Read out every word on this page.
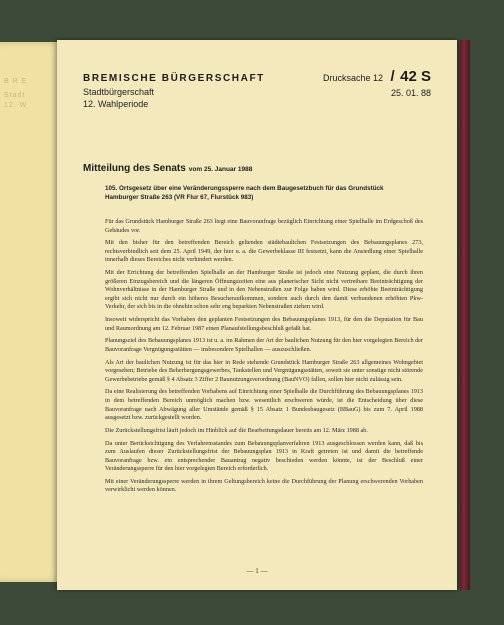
B R E
Stadt
12. W
BREMISCHE BÜRGERSCHAFT
Stadtbürgerschaft
12. Wahlperiode
Drucksache 12 / 42 S
25. 01. 88
Mitteilung des Senats vom 25. Januar 1988
105. Ortsgesetz über eine Veränderungssperre nach dem Baugesetzbuch für das Grundstück Hamburger Straße 263 (VR Flur 67, Flurstück 983)

Für das Grundstück Hamburger Straße 263 liegt eine Bauvoranfrage bezüglich Einrichtung einer Spielhalle im Erdgeschoß des Gebäudes vor.

Mit den bisher für den betreffenden Bereich geltenden städtebaulichen Festsetzungen des Bebauungsplanes 273, rechtsverbindlich seit dem 25. April 1949, der hier u. a. die Gewerbeklasse III festsetzt, kann die Ansiedlung einer Spielhalle innerhalb dieses Bereiches nicht verhindert werden.

Mit der Errichtung der betreffenden Spielhalle an der Hamburger Straße ist jedoch eine Nutzung geplant, die durch ihren größeren Einzugsbereich und die längeren Öffnungszeiten eine aus planerischer Sicht nicht vertretbare Beeinträchtigung der Wohnverhältnisse in der Hamburger Straße und in den Nebenstraßen zur Folge haben wird. Diese erhöhte Beeinträchtigung ergibt sich nicht nur durch ein höheres Besucheraufkommen, sondern auch durch den damit verbundenen erhöhten Pkw-Verkehr, der sich bis in die ohnehin schon sehr eng beparkten Nebenstraßen ziehen wird.

Insoweit widerspricht das Vorhaben den geplanten Festsetzungen des Bebauungsplanes 1913, für den die Deputation für Bau und Raumordnung am 12. Februar 1987 einen Planaufstellungsbeschluß gefaßt hat.

Planungsziel des Bebauungsplanes 1913 ist u. a. im Rahmen der Art der baulichen Nutzung für den hier vorgelegten Bereich der Bauvoranfrage Vergnügungsstätten — insbesondere Spielhallen — auszuschließen.

Als Art der baulichen Nutzung ist für das hier in Rede stehende Grundstück Hamburger Straße 263 allgemeines Wohngebiet vorgesehen; Betriebe des Beherbergungsgewerbes, Tankstellen und Vergnügungsstätten, soweit sie unter sonstige nicht störende Gewerbebetriebe gemäß § 4 Absatz 3 Ziffer 2 Baunutzungsverordnung (BauNVO) fallen, sollen hier nicht zulässig sein.

Da eine Realisierung des betreffenden Vorhabens auf Einrichtung einer Spielhalle die Durchführung des Bebauungsplanes 1913 in dem betreffenden Bereich unmöglich machen bzw. wesentlich erschweren würde, ist die Entscheidung über diese Bauvoranfrage nach Abwägung aller Umstände gemäß § 15 Absatz 1 Bundesbaugesetz (BBauG) bis zum 7. April 1988 ausgesetzt bzw. zurückgestellt worden.

Die Zurückstellungsfrist läuft jedoch im Hinblick auf die Bearbeitungsdauer bereits am 12. März 1988 ab.

Da unter Berücksichtigung des Verfahrensstandes zum Bebauungsplanverfahren 1913 ausgeschlossen werden kann, daß bis zum Auslaufen dieser Zurückstellungsfrist der Bebauungsplan 1913 in Kraft getreten ist und damit die betreffende Bauvoranfrage bzw. ein entsprechender Bauantrag negativ beschieden werden könnte, ist der Beschluß einer Veränderungssperre für den hier vorgelegten Bereich erforderlich.

Mit einer Veränderungssperre werden in ihrem Geltungsbereich keine die Durchführung der Planung erschwerenden Vorhaben verwirklicht werden können.

— 1 —
